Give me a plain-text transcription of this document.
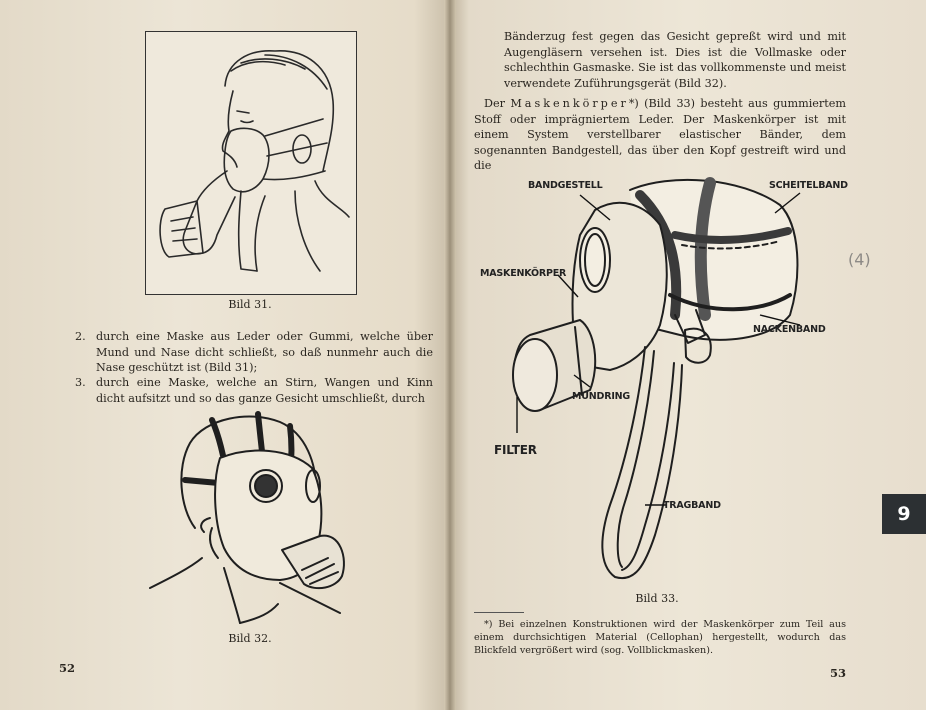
Bild 31.
2. durch eine Maske aus Leder oder Gummi, welche über Mund und Nase dicht schließt, so daß nunmehr auch die Nase geschützt ist (Bild 31);
3. durch eine Maske, welche an Stirn, Wangen und Kinn dicht aufsitzt und so das ganze Gesicht umschließt, durch
Bild 32.
52

Bänderzug fest gegen das Gesicht gepreßt wird und mit Augengläsern versehen ist. Dies ist die Vollmaske oder schlechthin Gasmaske. Sie ist das vollkommenste und meist verwendete Zuführungsgerät (Bild 32).

Der Maskenkörper*) (Bild 33) besteht aus gummiertem Stoff oder imprägniertem Leder. Der Maskenkörper ist mit einem System verstellbarer elastischer Bänder, dem sogenannten Bandgestell, das über den Kopf gestreift wird und die

BANDGESTELL	SCHEITELBAND
MASKENKÖRPER
NACKENBAND
MUNDRING
FILTER
TRAGBAND
Bild 33.
(4)

*) Bei einzelnen Konstruktionen wird der Maskenkörper zum Teil aus einem durchsichtigen Material (Cellophan) hergestellt, wodurch das Blickfeld vergrößert wird (sog. Vollblickmasken).

53
9
